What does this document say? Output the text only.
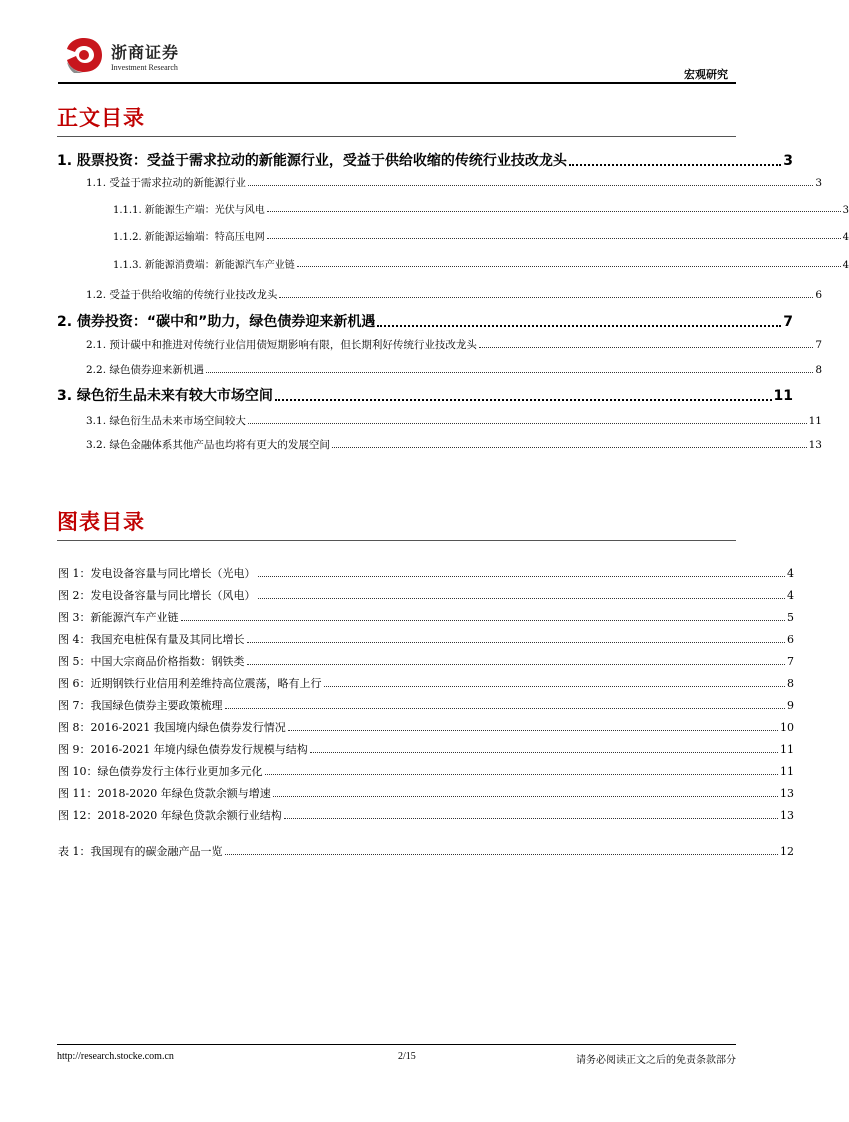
浙商证券
Investment Research
宏观研究
正文目录
1. 股票投资：受益于需求拉动的新能源行业，受益于供给收缩的传统行业技改龙头	3
1.1. 受益于需求拉动的新能源行业	3
1.1.1. 新能源生产端：光伏与风电	3
1.1.2. 新能源运输端：特高压电网	4
1.1.3. 新能源消费端：新能源汽车产业链	4
1.2. 受益于供给收缩的传统行业技改龙头	6
2. 债券投资：“碳中和”助力，绿色债券迎来新机遇	7
2.1. 预计碳中和推进对传统行业信用债短期影响有限，但长期利好传统行业技改龙头	7
2.2. 绿色债券迎来新机遇	8
3. 绿色衍生品未来有较大市场空间	11
3.1. 绿色衍生品未来市场空间较大	11
3.2. 绿色金融体系其他产品也均将有更大的发展空间	13
图表目录
图 1：发电设备容量与同比增长（光电）	4
图 2：发电设备容量与同比增长（风电）	4
图 3：新能源汽车产业链	5
图 4：我国充电桩保有量及其同比增长	6
图 5：中国大宗商品价格指数：钢铁类	7
图 6：近期钢铁行业信用利差维持高位震荡，略有上行	8
图 7：我国绿色债券主要政策梳理	9
图 8：2016-2021 我国境内绿色债券发行情况	10
图 9：2016-2021 年境内绿色债券发行规模与结构	11
图 10：绿色债券发行主体行业更加多元化	11
图 11：2018-2020 年绿色贷款余额与增速	13
图 12：2018-2020 年绿色贷款余额行业结构	13
表 1：我国现有的碳金融产品一览	12
http://research.stocke.com.cn	2/15	请务必阅读正文之后的免责条款部分
